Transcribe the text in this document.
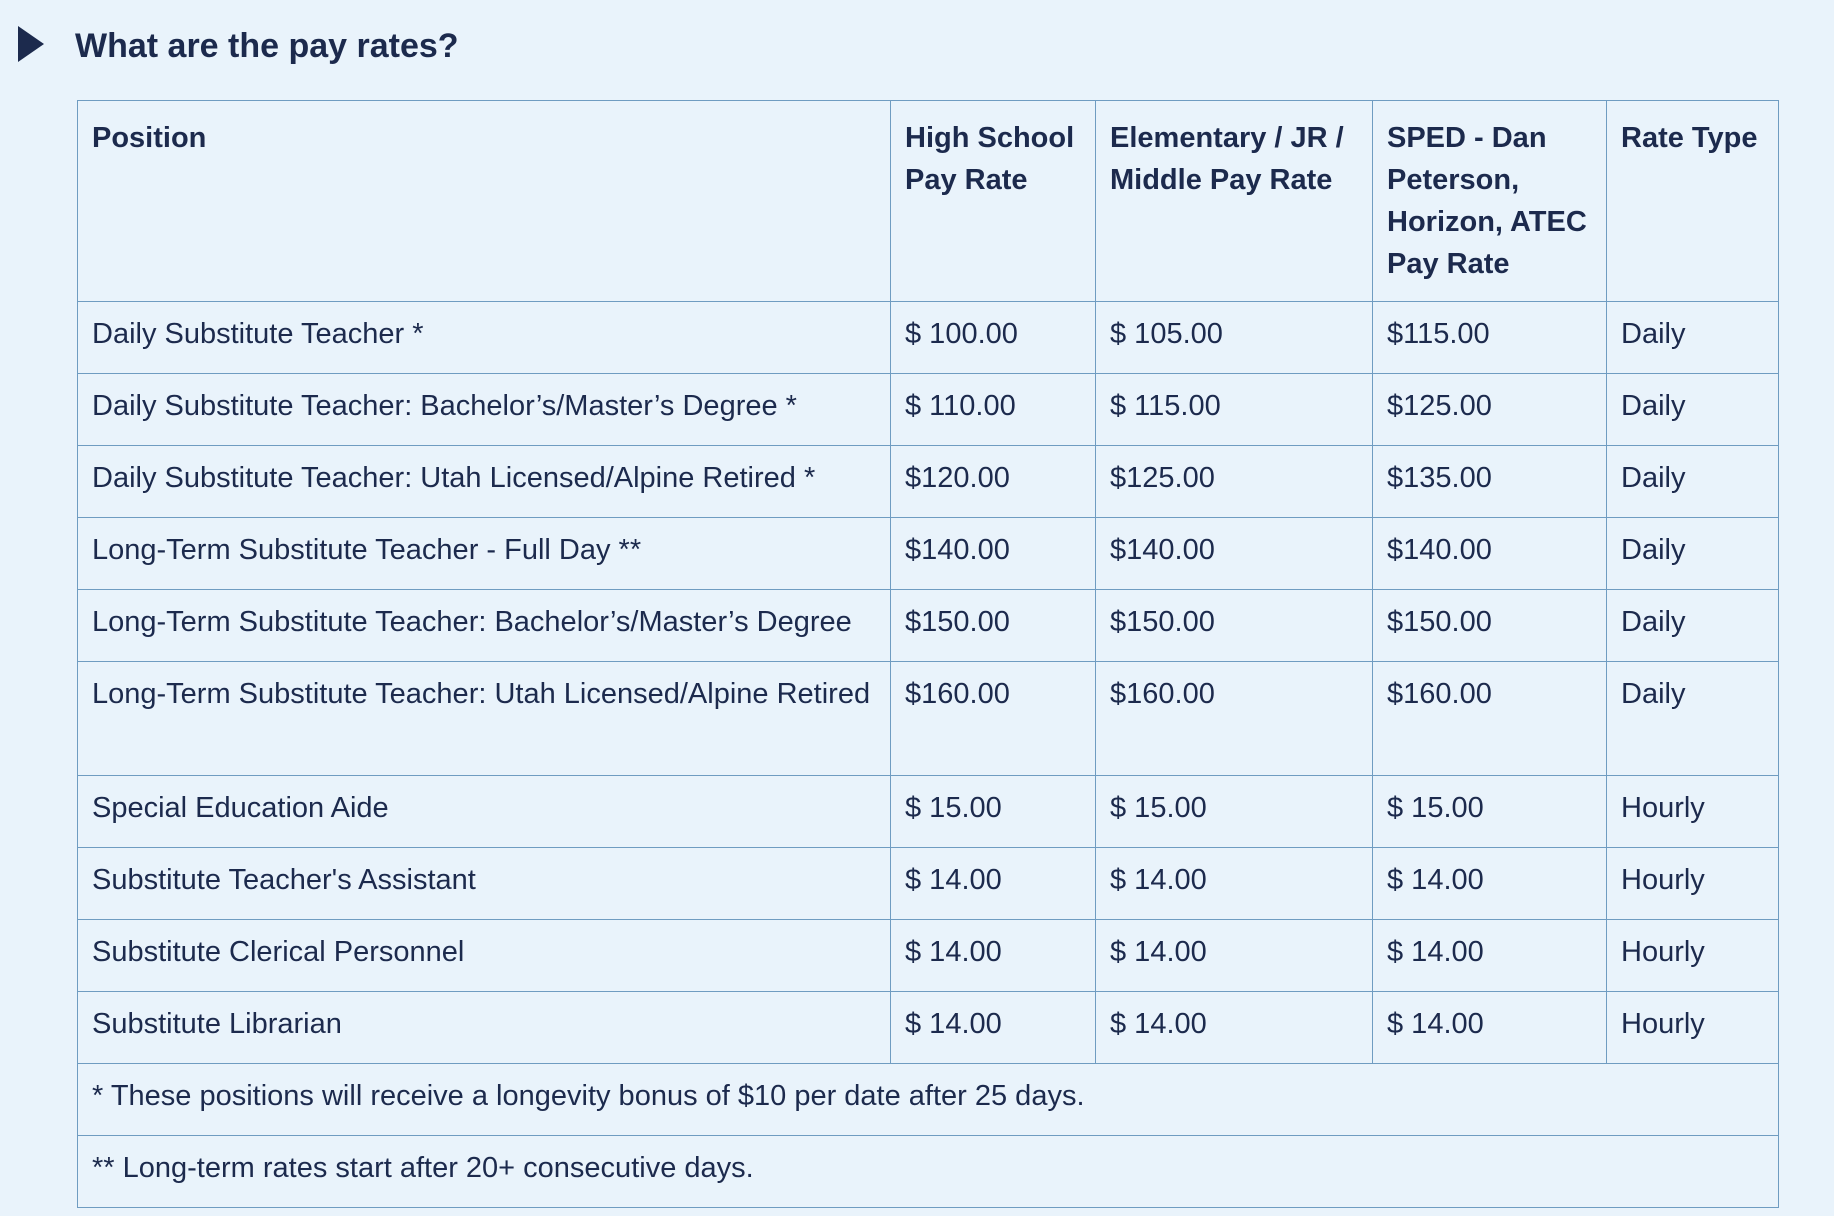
What are the pay rates?
Position	High School Pay Rate	Elementary / JR / Middle Pay Rate	SPED - Dan Peterson, Horizon, ATEC Pay Rate	Rate Type
Daily Substitute Teacher *	$ 100.00	$ 105.00	$115.00	Daily
Daily Substitute Teacher: Bachelor’s/Master’s Degree *	$ 110.00	$ 115.00	$125.00	Daily
Daily Substitute Teacher: Utah Licensed/Alpine Retired *	$120.00	$125.00	$135.00	Daily
Long-Term Substitute Teacher - Full Day **	$140.00	$140.00	$140.00	Daily
Long-Term Substitute Teacher: Bachelor’s/Master’s Degree	$150.00	$150.00	$150.00	Daily
Long-Term Substitute Teacher: Utah Licensed/Alpine Retired	$160.00	$160.00	$160.00	Daily
Special Education Aide	$ 15.00	$ 15.00	$ 15.00	Hourly
Substitute Teacher's Assistant	$ 14.00	$ 14.00	$ 14.00	Hourly
Substitute Clerical Personnel	$ 14.00	$ 14.00	$ 14.00	Hourly
Substitute Librarian	$ 14.00	$ 14.00	$ 14.00	Hourly
* These positions will receive a longevity bonus of $10 per date after 25 days.				
** Long-term rates start after 20+ consecutive days.				
